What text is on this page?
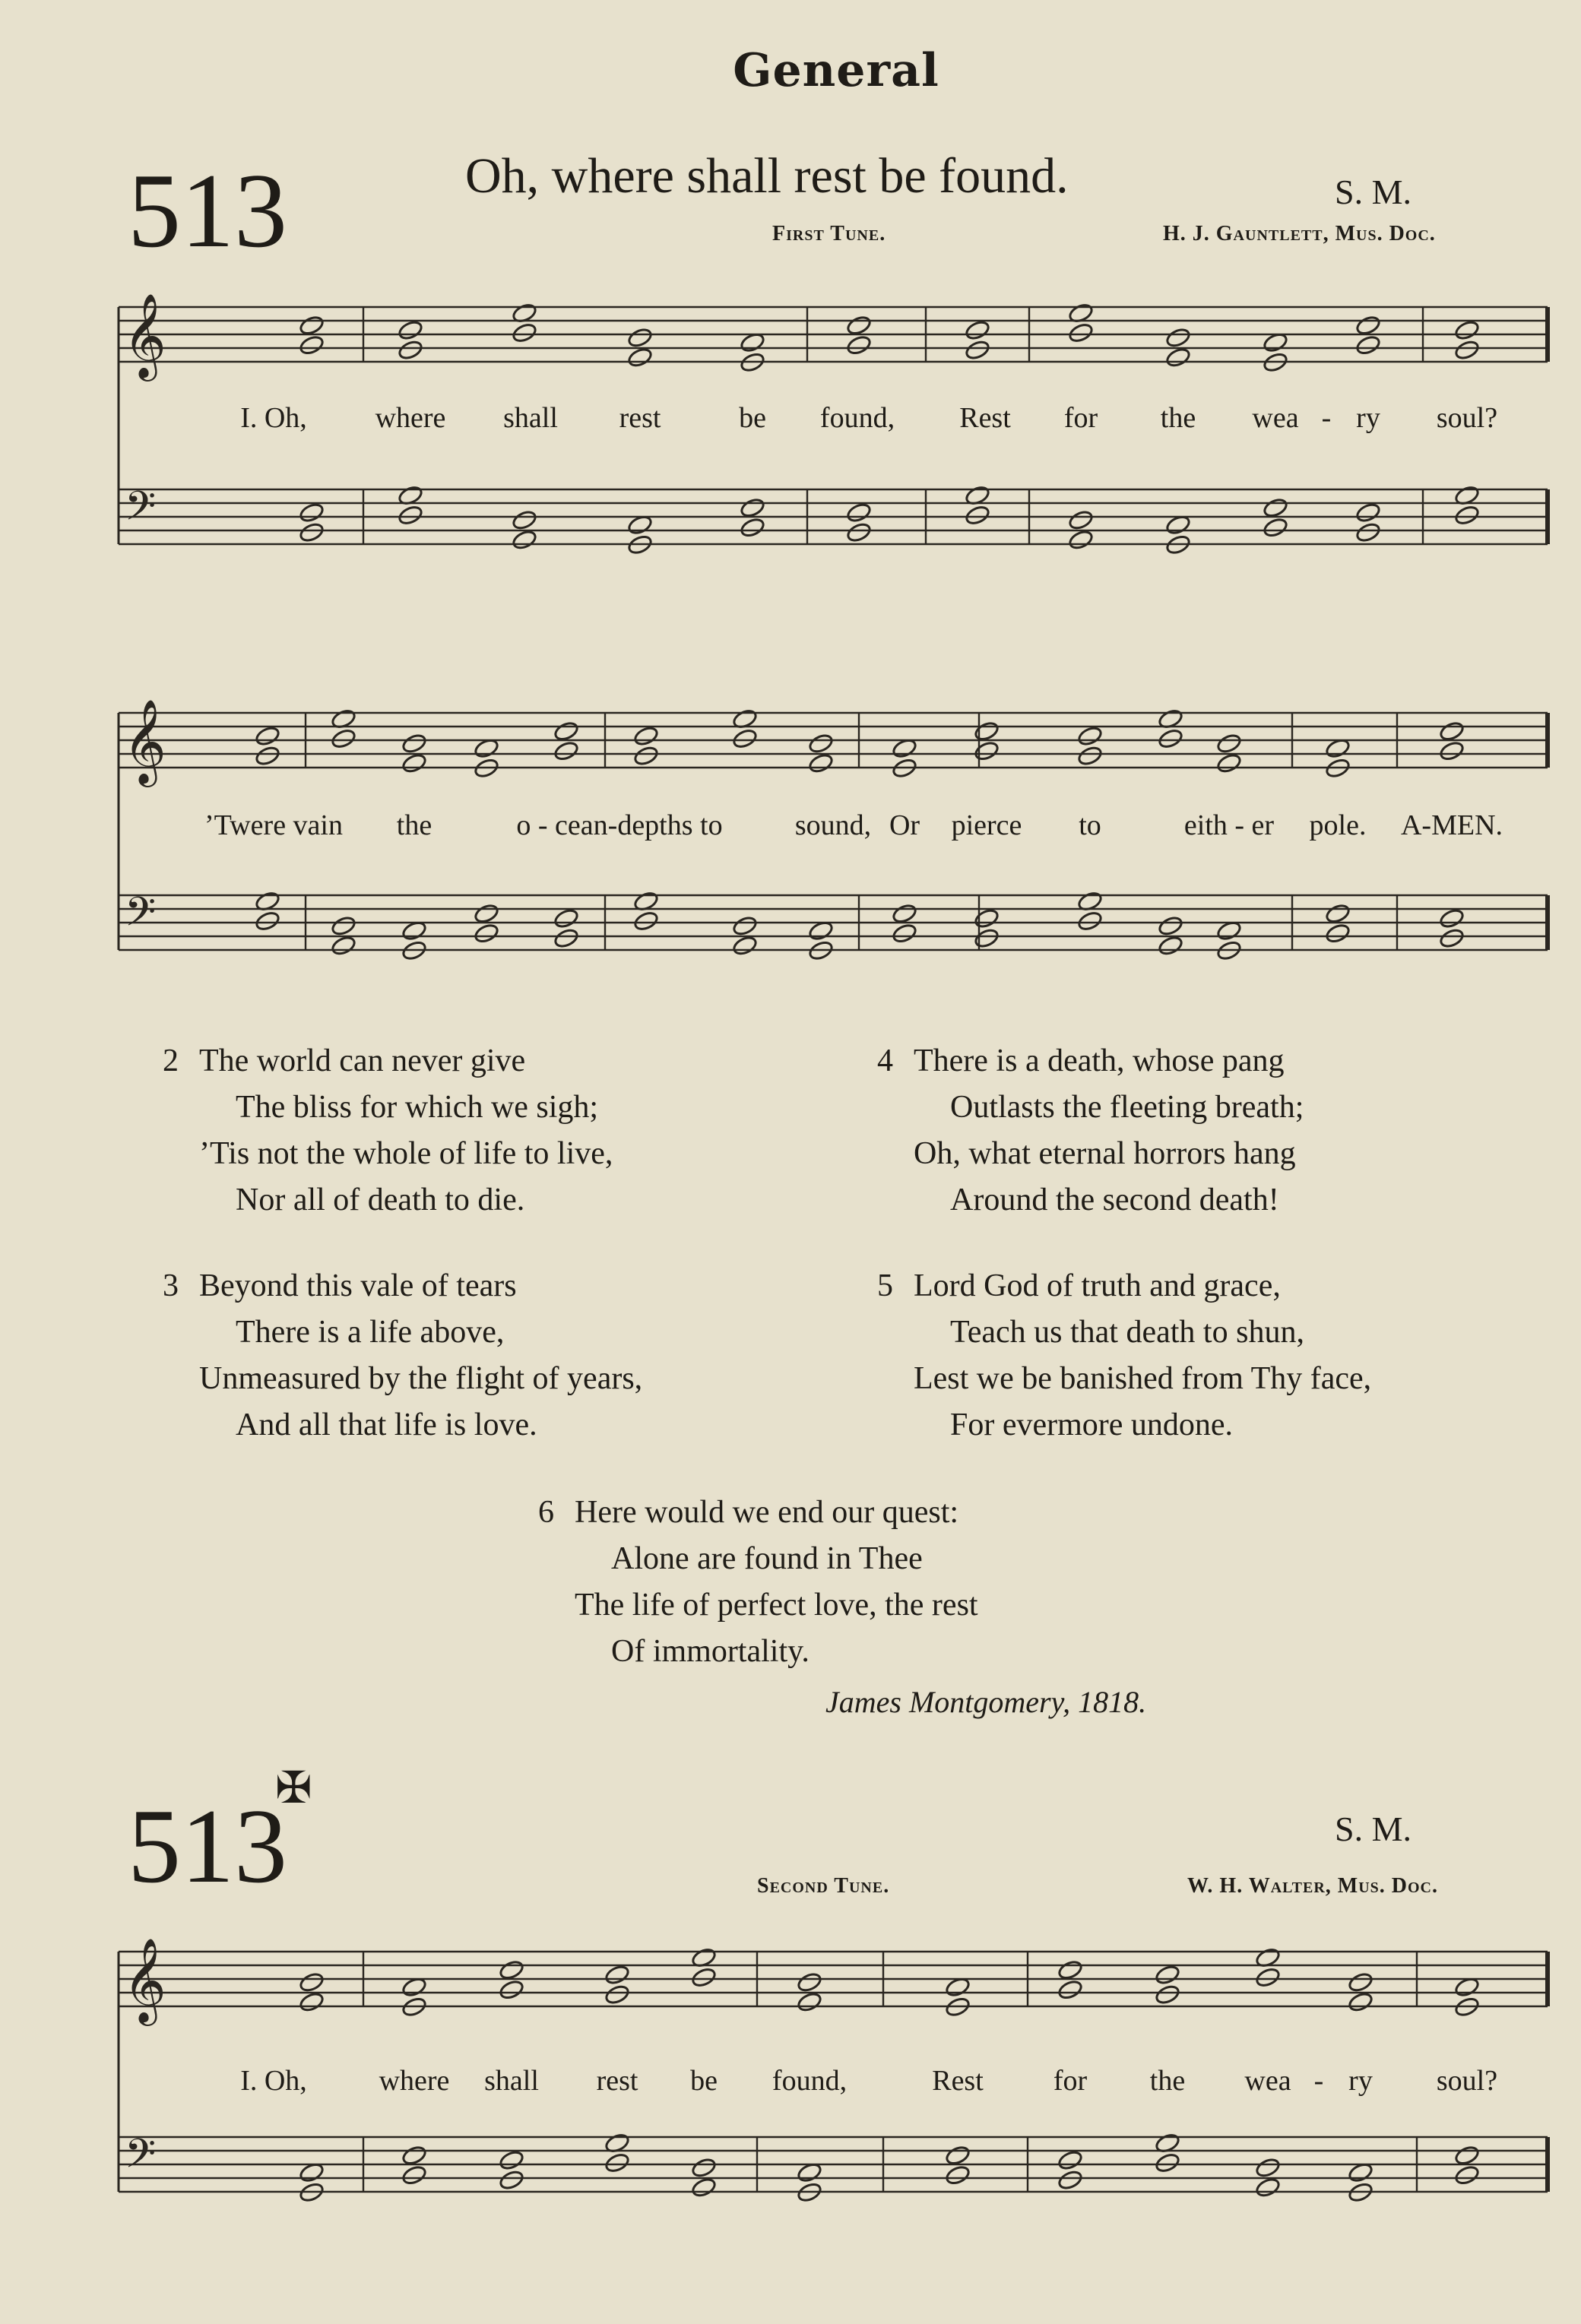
General
513	Oh, where shall rest be found.	S. M.
First Tune.	H. J. Gauntlett, Mus. Doc.
𝄞
𝄢
𝄞
𝄢
𝄞
𝄢
I. Oh, where shall rest	be found, Rest for the wea - ry soul?
’Twere vain the	o - cean-depths to	sound, Or pierce to	eith - er pole. A-MEN.
2 The world can never give
The bliss for which we sigh;
’Tis not the whole of life to live,
Nor all of death to die.
3 Beyond this vale of tears
There is a life above,
Unmeasured by the flight of years,
And all that life is love.
4 There is a death, whose pang
Outlasts the fleeting breath;
Oh, what eternal horrors hang
Around the second death!
5 Lord God of truth and grace,
Teach us that death to shun,
Lest we be banished from Thy face,
For evermore undone.
6 Here would we end our quest:
Alone are found in Thee
The life of perfect love, the rest
Of immortality.
James Montgomery, 1818.
513
✠
S. M.
Second Tune.	W. H. Walter, Mus. Doc.
I. Oh, where shall rest be found,	Rest for the wea - ry soul?
